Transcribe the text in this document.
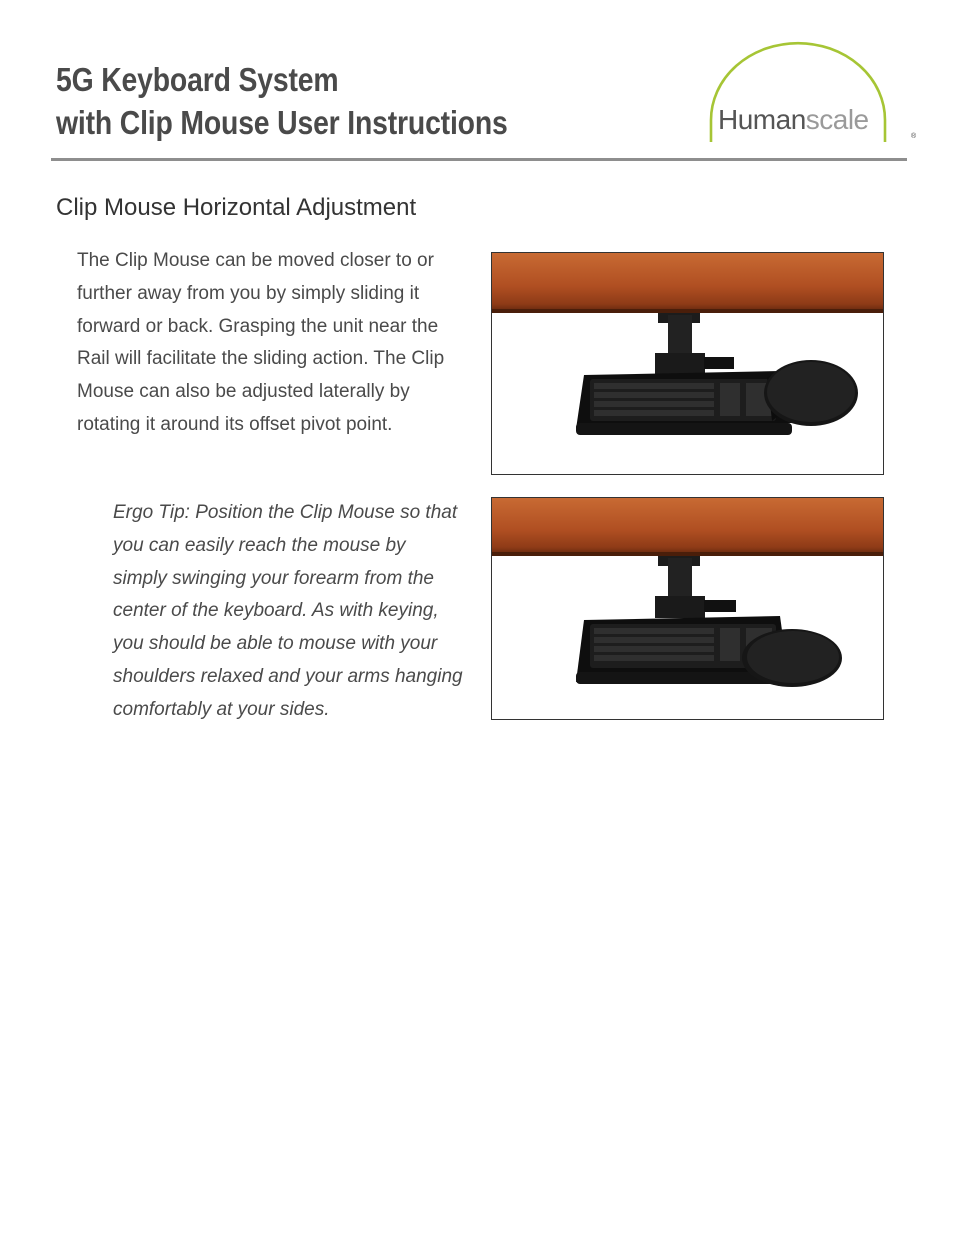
5G Keyboard System
with Clip Mouse User Instructions	Humanscale
®
Clip Mouse Horizontal Adjustment

The Clip Mouse can be moved closer to or further away from you by simply sliding it forward or back. Grasping the unit near the Rail will facilitate the sliding action. The Clip Mouse can also be adjusted laterally by rotating it around its offset pivot point.

Ergo Tip: Position the Clip Mouse so that you can easily reach the mouse by simply swinging your forearm from the center of the keyboard. As with keying, you should be able to mouse with your shoulders relaxed and your arms hanging comfortably at your sides.
